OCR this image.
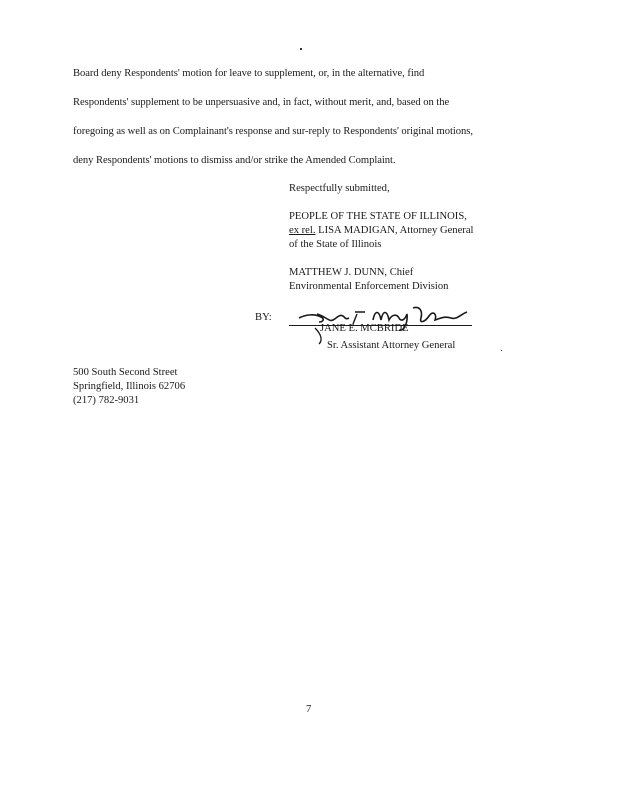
Board deny Respondents' motion for leave to supplement, or, in the alternative, find
Respondents' supplement to be unpersuasive and, in fact, without merit, and, based on the
foregoing as well as on Complainant's response and sur-reply to Respondents' original motions,
deny Respondents' motions to dismiss and/or strike the Amended Complaint.
Respectfully submitted,
PEOPLE OF THE STATE OF ILLINOIS,
ex rel. LISA MADIGAN, Attorney General
of the State of Illinois
MATTHEW J. DUNN, Chief
Environmental Enforcement Division
BY:
JANE E. MCBRIDE
Sr. Assistant Attorney General
500 South Second Street
Springfield, Illinois 62706
(217) 782-9031
7
